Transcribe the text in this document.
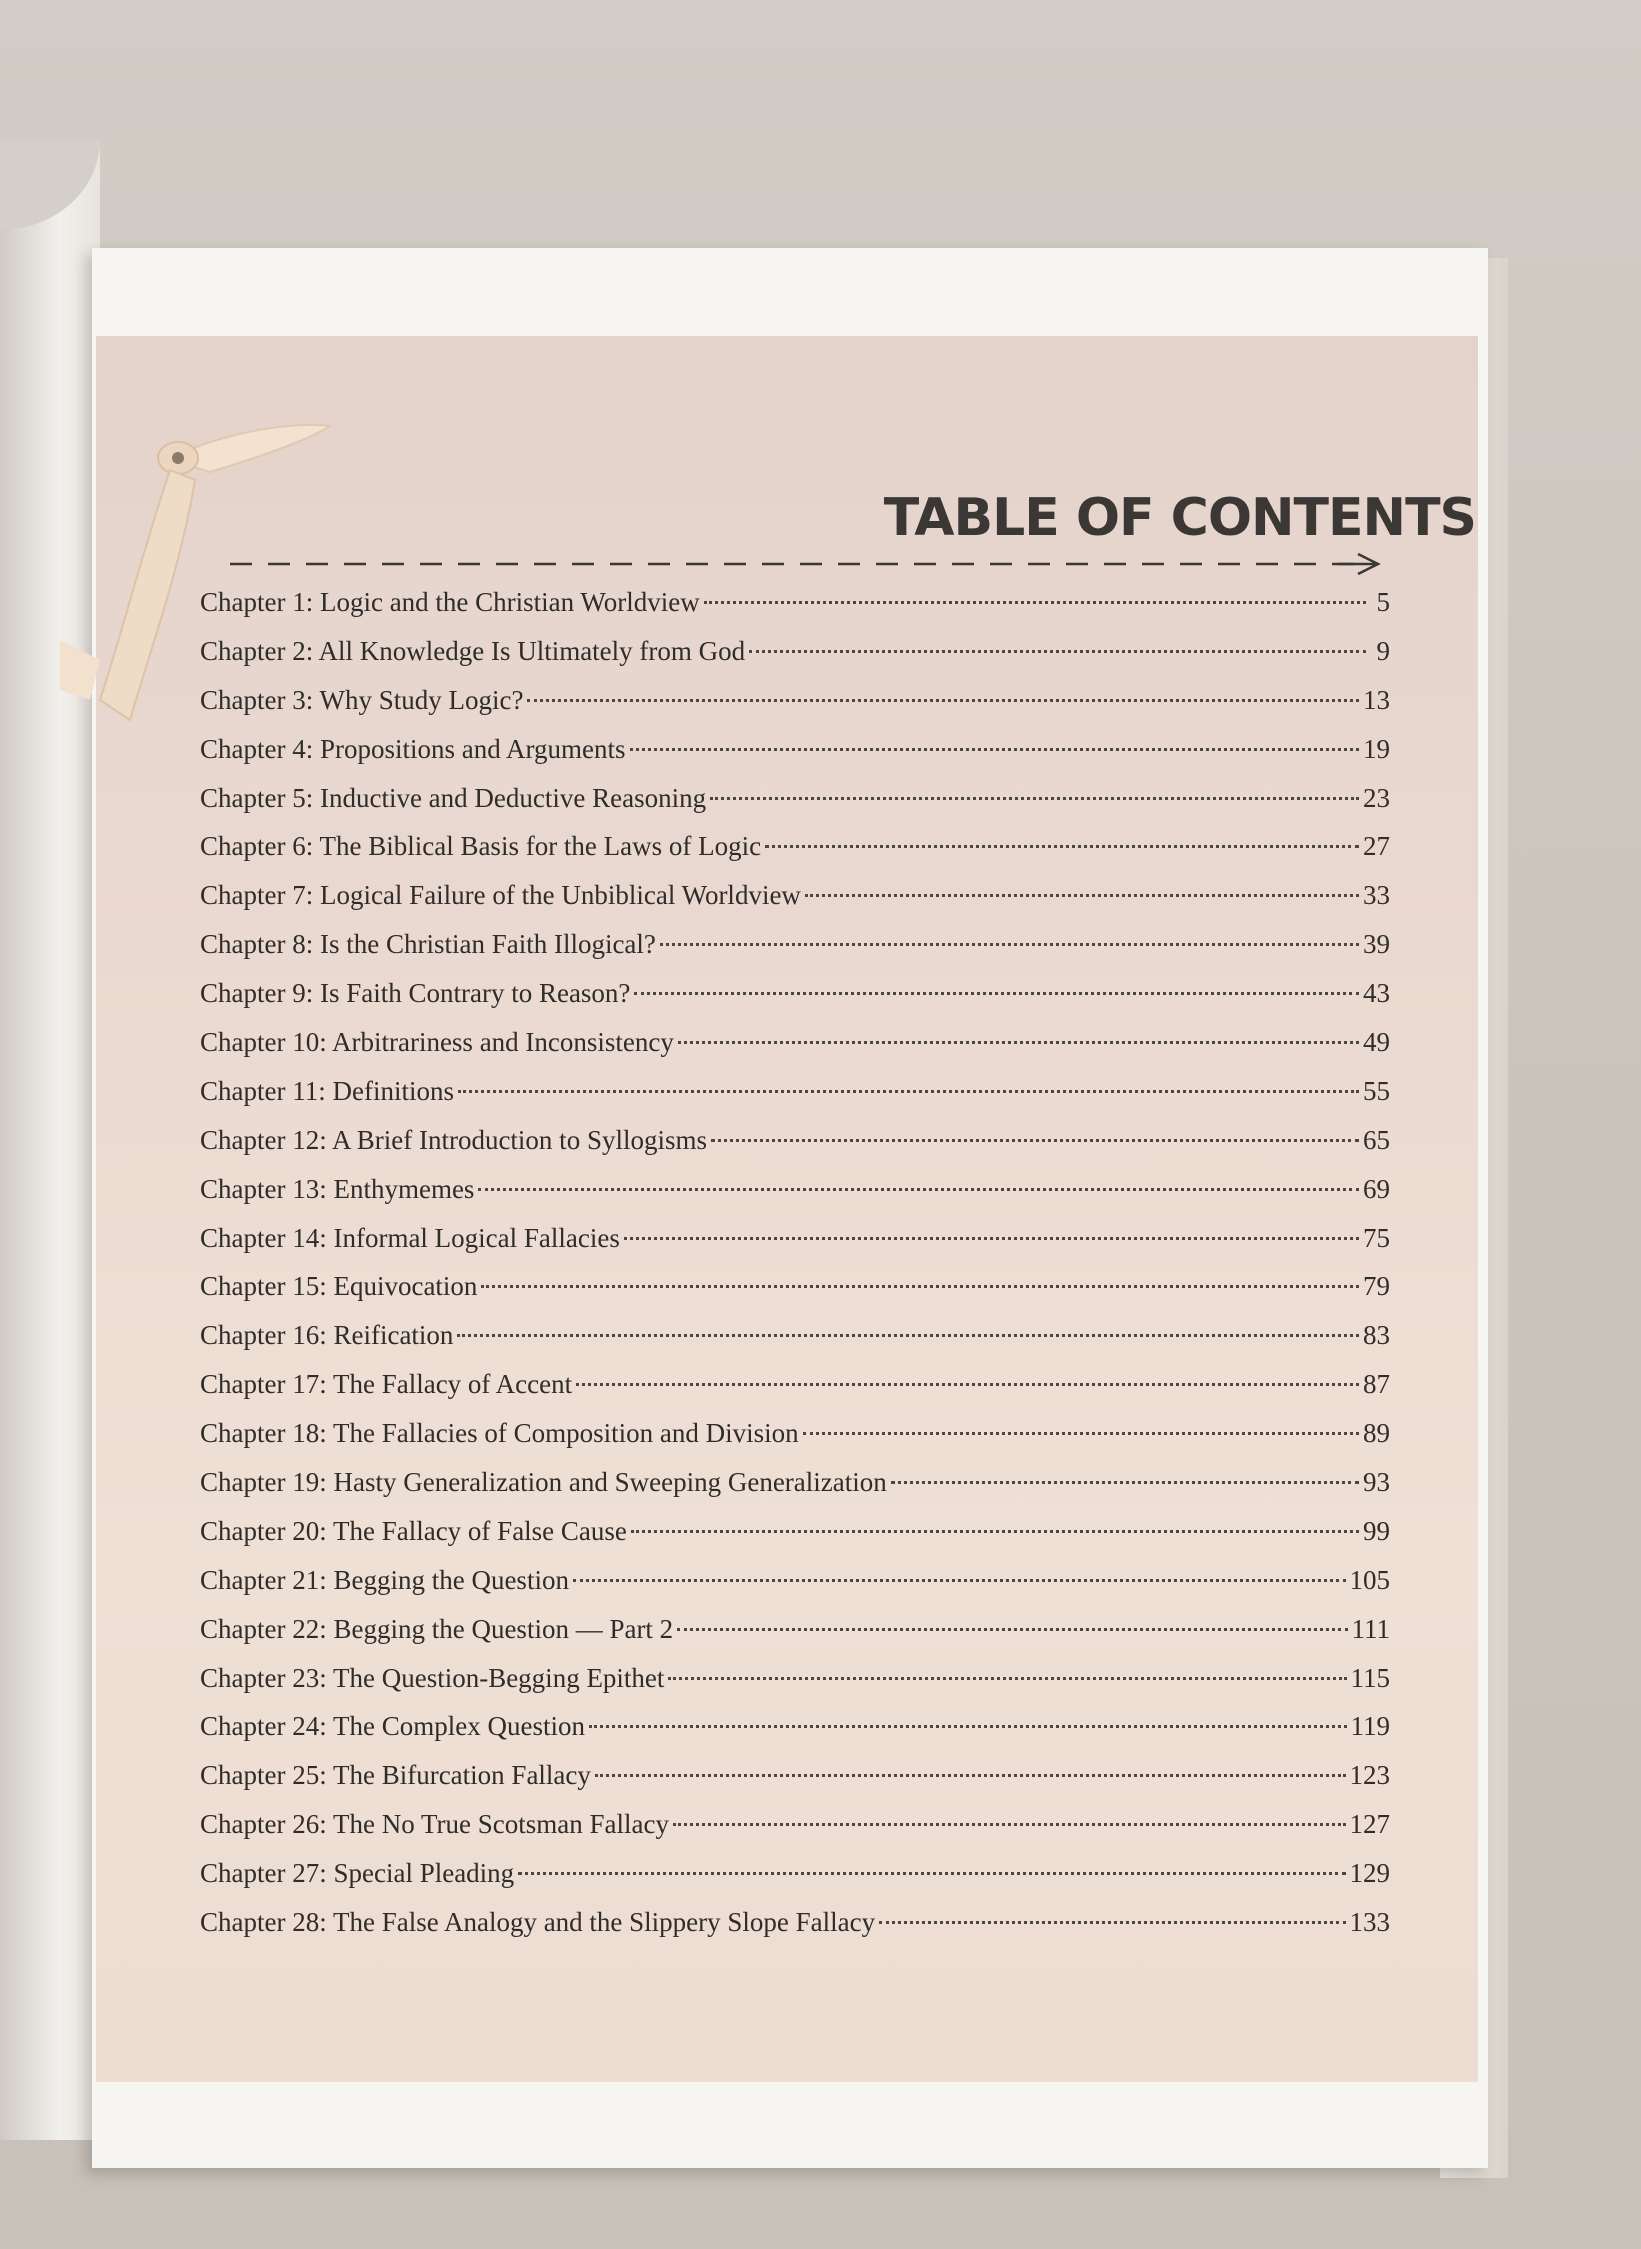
TABLE OF CONTENTS
Chapter 1: Logic and the Christian Worldview	5
Chapter 2: All Knowledge Is Ultimately from God	9
Chapter 3: Why Study Logic?	13
Chapter 4: Propositions and Arguments	19
Chapter 5: Inductive and Deductive Reasoning	23
Chapter 6: The Biblical Basis for the Laws of Logic	27
Chapter 7: Logical Failure of the Unbiblical Worldview	33
Chapter 8: Is the Christian Faith Illogical?	39
Chapter 9: Is Faith Contrary to Reason?	43
Chapter 10: Arbitrariness and Inconsistency	49
Chapter 11: Definitions	55
Chapter 12: A Brief Introduction to Syllogisms	65
Chapter 13: Enthymemes	69
Chapter 14: Informal Logical Fallacies	75
Chapter 15: Equivocation	79
Chapter 16: Reification	83
Chapter 17: The Fallacy of Accent	87
Chapter 18: The Fallacies of Composition and Division	89
Chapter 19: Hasty Generalization and Sweeping Generalization	93
Chapter 20: The Fallacy of False Cause	99
Chapter 21: Begging the Question	105
Chapter 22: Begging the Question — Part 2	111
Chapter 23: The Question-Begging Epithet	115
Chapter 24: The Complex Question	119
Chapter 25: The Bifurcation Fallacy	123
Chapter 26: The No True Scotsman Fallacy	127
Chapter 27: Special Pleading	129
Chapter 28: The False Analogy and the Slippery Slope Fallacy	133
